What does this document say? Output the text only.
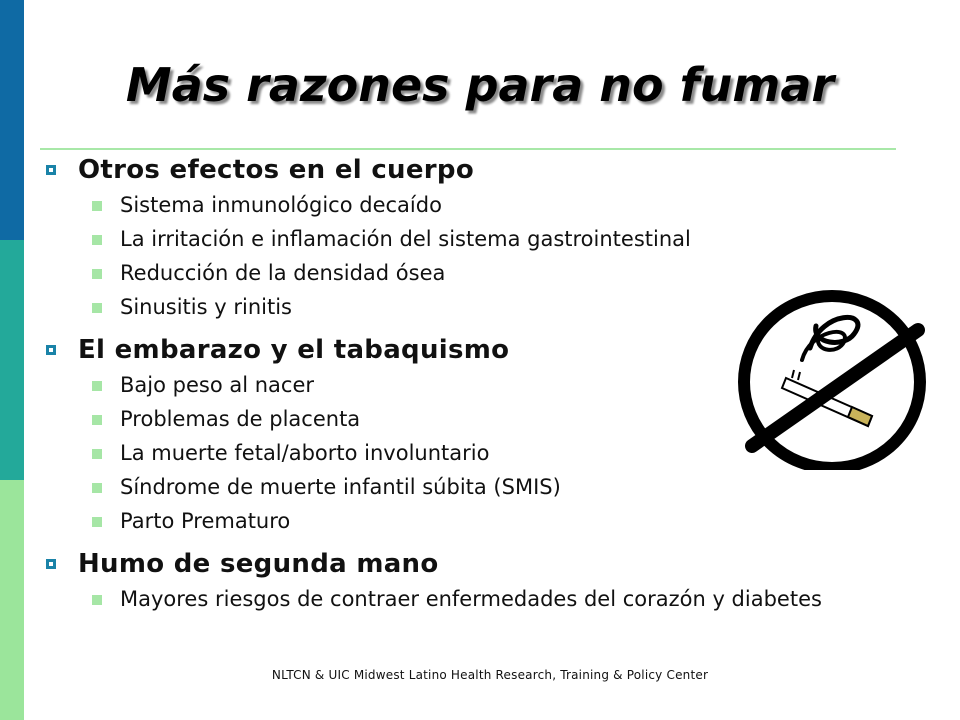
Más razones para no fumar
Otros efectos en el cuerpo
Sistema inmunológico decaído
La irritación e inflamación del sistema gastrointestinal
Reducción de la densidad ósea
Sinusitis y rinitis
El embarazo y el tabaquismo
Bajo peso al nacer
Problemas de placenta
La muerte fetal/aborto involuntario
Síndrome de muerte infantil súbita (SMIS)
Parto Prematuro
Humo de segunda mano
Mayores riesgos de contraer enfermedades del corazón y diabetes
NLTCN & UIC Midwest Latino Health Research, Training & Policy Center
